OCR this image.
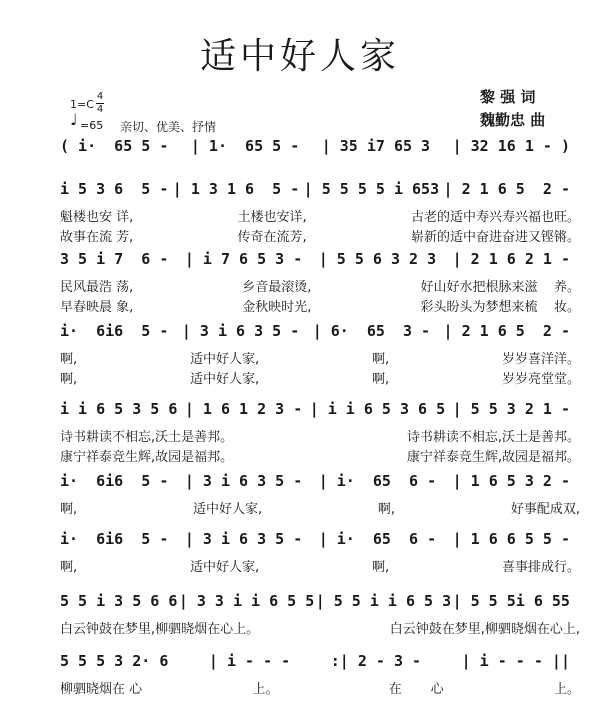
适中好人家
黎 强 词
魏勤忠 曲
1=C
4
4
♩ =65 亲切、优美、抒情
( i·  65 5 - | 1·  65 5 - | 35 i7 65 3 | 32 16 1 - )
i 5 3 6  5 - | 1 3 1 6  5 - | 5 5 5 5 i 653 | 2 1 6 5  2 -
魁楼也安 详,	土楼也安详,	古老的适中寿兴寿兴福也旺。
故事在流 芳,	传奇在流芳,	崭新的适中奋进奋进又铿锵。
3 5 i 7  6 - | i 7 6 5 3 - | 5 5 6 3 2 3 | 2 1 6 2 1 -
民风最浩 荡,	乡音最滚烫,	好山好水把根脉来滋    养。
早春映晨 象,	金秋映时光,	彩头盼头为梦想来梳    妆。
i·  6i6  5 - | 3 i 6 3 5 - | 6·  65  3 - | 2 1 6 5  2 -
啊,	适中好人家,	啊,	岁岁喜洋洋。
啊,	适中好人家,	啊,	岁岁亮堂堂。
i i 6 5 3 5 6 | 1 6 1 2 3 - | i i 6 5 3 6 5 | 5 5 3 2 1 -
诗书耕读不相忘,沃土是善邦。	诗书耕读不相忘,沃土是善邦。
康宁祥泰竞生辉,故园是福邦。	康宁祥泰竞生辉,故园是福邦。
i·  6i6  5 - | 3 i 6 3 5 - | i·  65  6 - | 1 6 5 3 2 -
啊,	适中好人家,	啊,	好事配成双,
i·  6i6  5 - | 3 i 6 3 5 - | i·  65  6 - | 1 6 6 5 5 -
啊,	适中好人家,	啊,	喜事排成行。
5 5 i 3 5 6 6 | 3 3 i i 6 5 5 | 5 5 i i 6 5 3 | 5 5 5i 6 55
白云钟鼓在梦里,柳驷晓烟在心上。	白云钟鼓在梦里,柳驷晓烟在心上,
5 5 5 3 2· 6	| i - - -	:| 2 - 3 -	| i - - - ||
柳驷晓烟在 心	上。	在       心	上。
